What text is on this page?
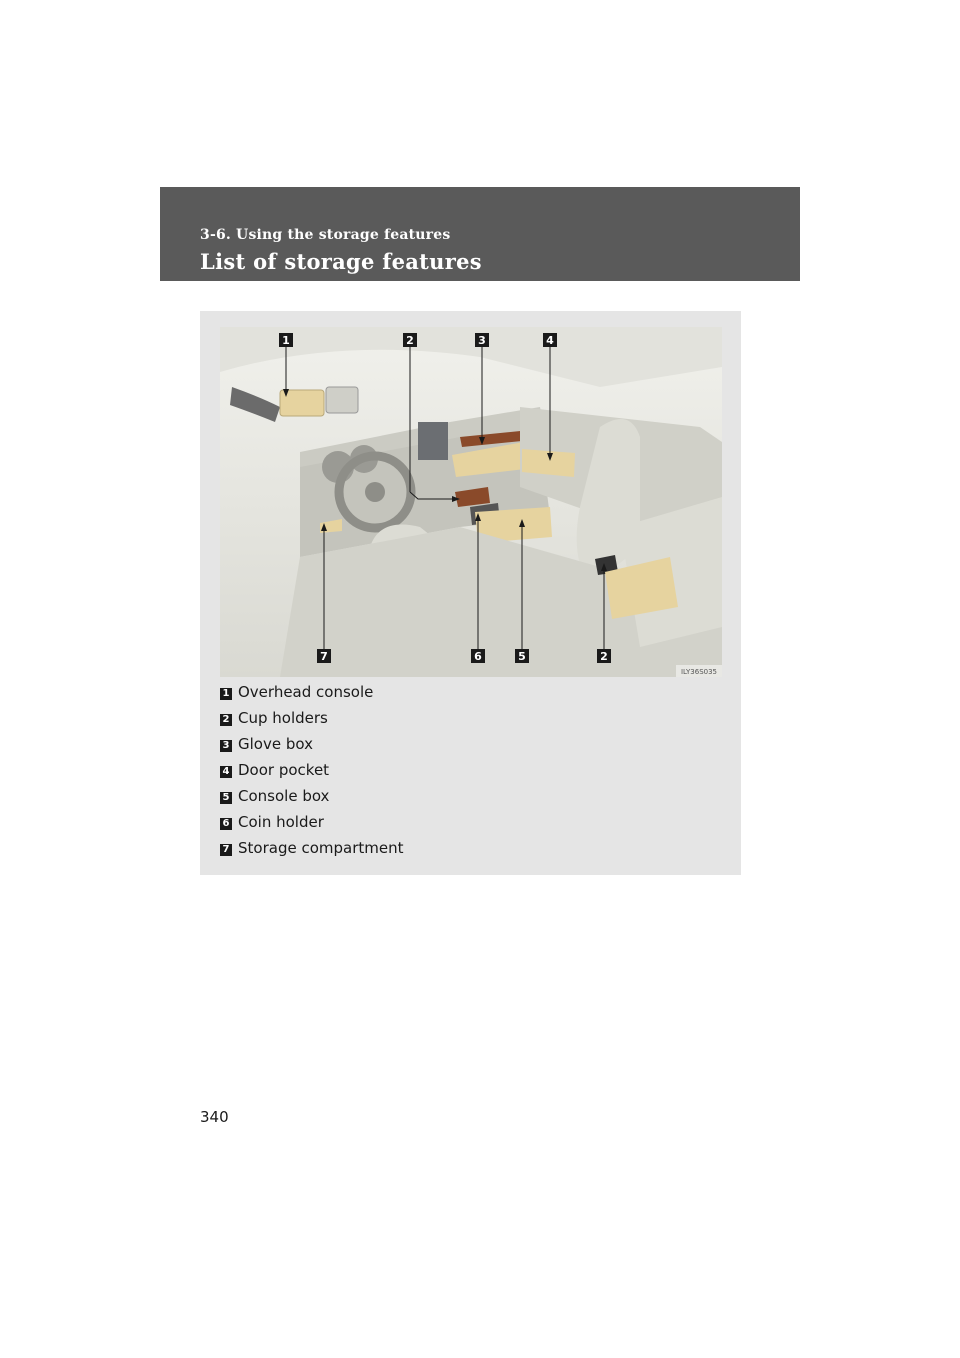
3-6. Using the storage features
List of storage features
1	2	3	4
7	6	5	2
ILY36S035
1 Overhead console
2 Cup holders
3 Glove box
4 Door pocket
5 Console box
6 Coin holder
7 Storage compartment
340
